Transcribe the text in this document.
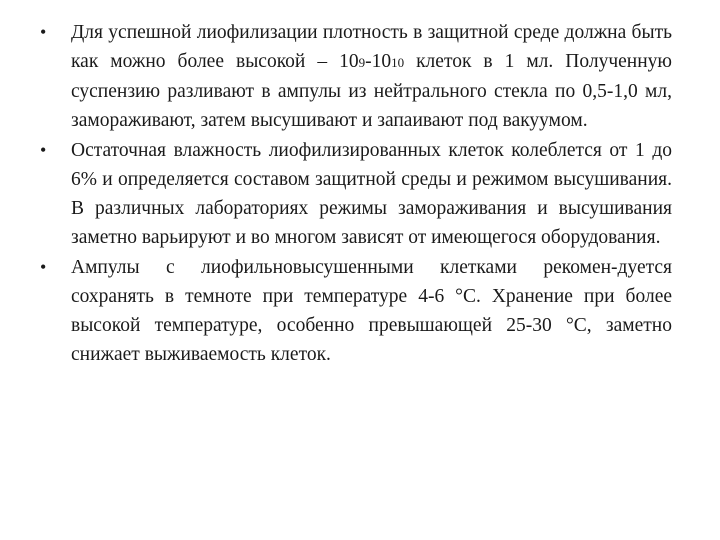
• Для успешной лиофилизации плотность в защитной среде должна быть как можно более высокой – 109-1010 клеток в 1 мл. Полученную суспензию разливают в ампулы из нейтрального стекла по 0,5-1,0 мл, замораживают, затем высушивают и запаивают под вакуумом.
• Остаточная влажность лиофилизированных клеток колеблется от 1 до 6% и определяется составом защитной среды и режимом высушивания. В различных лабораториях режимы замораживания и высушивания заметно варьируют и во многом зависят от имеющегося оборудования.
• Ампулы с лиофильновысушенными клетками рекомен-дуется сохранять в темноте при температуре 4-6 °С. Хранение при более высокой температуре, особенно превышающей 25-30 °С, заметно снижает выживаемость клеток.
